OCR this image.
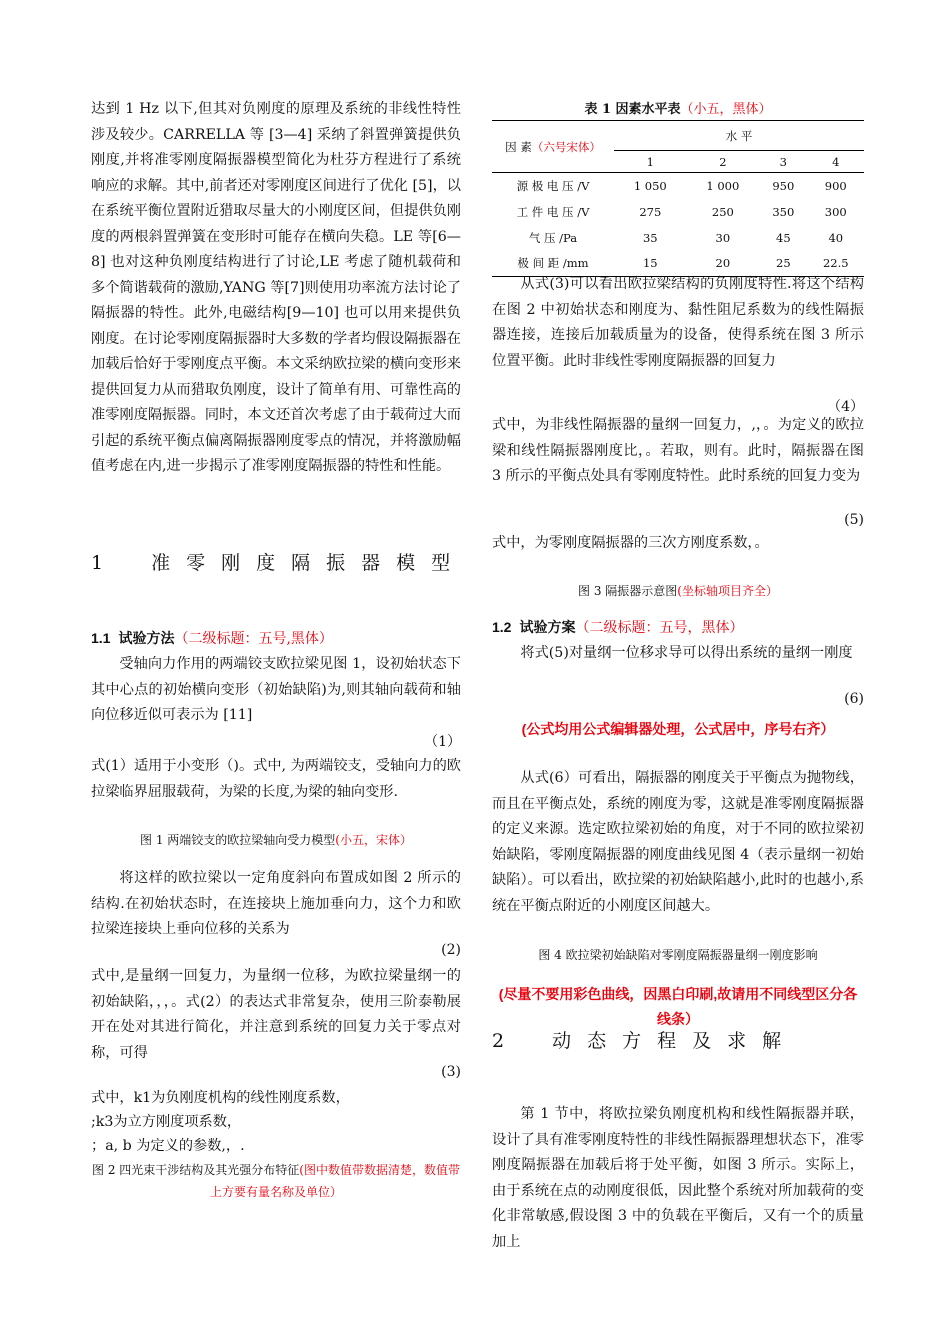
达到 1 Hz 以下,但其对负刚度的原理及系统的非线性特性涉及较少。CARRELLA 等 [3—4] 采纳了斜置弹簧提供负刚度,并将准零刚度隔振器模型简化为杜芬方程进行了系统响应的求解。其中,前者还对零刚度区间进行了优化 [5]，以在系统平衡位置附近猎取尽量大的小刚度区间，但提供负刚度的两根斜置弹簧在变形时可能存在横向失稳。LE 等[6—8] 也对这种负刚度结构进行了讨论,LE 考虑了随机载荷和多个简谐载荷的激励,YANG 等[7]则使用功率流方法讨论了隔振器的特性。此外,电磁结构[9—10] 也可以用来提供负刚度。在讨论零刚度隔振器时大多数的学者均假设隔振器在加载后恰好于零刚度点平衡。本文采纳欧拉梁的横向变形来提供回复力从而猎取负刚度，设计了简单有用、可靠性高的准零刚度隔振器。同时，本文还首次考虑了由于载荷过大而引起的系统平衡点偏离隔振器刚度零点的情况，并将激励幅值考虑在内,进一步揭示了准零刚度隔振器的特性和性能。

1 准零刚度隔振器模型
1.1 试验方法（二级标题：五号,黑体）

受轴向力作用的两端铰支欧拉梁见图 1，设初始状态下其中心点的初始横向变形（初始缺陷)为,则其轴向载荷和轴向位移近似可表示为 [11]

（1）

式(1）适用于小变形（)。式中, 为两端铰支，受轴向力的欧拉梁临界屈服载荷，为梁的长度,为梁的轴向变形.

图 1 两端铰支的欧拉梁轴向受力模型(小五，宋体）

将这样的欧拉梁以一定角度斜向布置成如图 2 所示的结构.在初始状态时，在连接块上施加垂向力，这个力和欧拉梁连接块上垂向位移的关系为

(2)

式中,是量纲一回复力，为量纲一位移，为欧拉梁量纲一的初始缺陷，，，。式(2）的表达式非常复杂，使用三阶泰勒展开在处对其进行简化，并注意到系统的回复力关于零点对称，可得

(3)

式中，k1为负刚度机构的线性刚度系数，

;k3为立方刚度项系数，

；a, b 为定义的参数,，.

图 2 四光束干涉结构及其光强分布特征(图中数值带数据清楚，数值带上方要有量名称及单位）
表 1 因素水平表（小五，黑体）
因 素（六号宋体）	水 平			
	1	2	3	4
源 极 电 压 /V	1 050	1 000	950	900
工 件 电 压 /V	275	250	350	300
气 压 /Pa	35	30	45	40
极 间 距 /mm	15	20	25	22.5

从式(3)可以看出欧拉梁结构的负刚度特性.将这个结构在图 2 中初始状态和刚度为、黏性阻尼系数为的线性隔振器连接，连接后加载质量为的设备，使得系统在图 3 所示位置平衡。此时非线性零刚度隔振器的回复力

（4）

式中，为非线性隔振器的量纲一回复力，,，。为定义的欧拉梁和线性隔振器刚度比，。若取，则有。此时，隔振器在图 3 所示的平衡点处具有零刚度特性。此时系统的回复力变为

(5)

式中，为零刚度隔振器的三次方刚度系数，。

图 3 隔振器示意图(坐标轴项目齐全）
1.2 试验方案（二级标题：五号，黑体）

将式(5)对量纲一位移求导可以得出系统的量纲一刚度

(6)
(公式均用公式编辑器处理，公式居中，序号右齐）

从式(6）可看出，隔振器的刚度关于平衡点为抛物线，而且在平衡点处，系统的刚度为零，这就是准零刚度隔振器的定义来源。选定欧拉梁初始的角度，对于不同的欧拉梁初始缺陷，零刚度隔振器的刚度曲线见图 4（表示量纲一初始缺陷）。可以看出，欧拉梁的初始缺陷越小,此时的也越小,系统在平衡点附近的小刚度区间越大。

图 4 欧拉梁初始缺陷对零刚度隔振器量纲一刚度影响
(尽量不要用彩色曲线，因黑白印刷,故请用不同线型区分各线条）
2 动态方程及求解

第 1 节中，将欧拉梁负刚度机构和线性隔振器并联，设计了具有准零刚度特性的非线性隔振器理想状态下，准零刚度隔振器在加载后将于处平衡，如图 3 所示。实际上，由于系统在点的动刚度很低，因此整个系统对所加载荷的变化非常敏感,假设图 3 中的负载在平衡后，又有一个的质量加上
